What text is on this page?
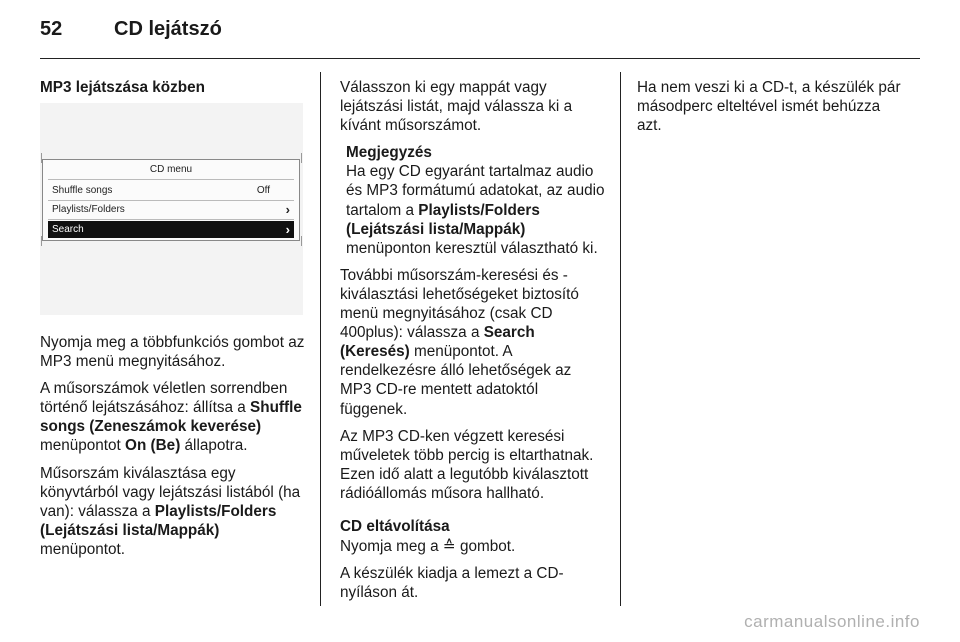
52	CD lejátszó

MP3 lejátszása közben

CD menu
Shuffle songs	Off
Playlists/Folders	›
Search	›

Nyomja meg a többfunkciós gombot az MP3 menü megnyitásához.

A műsorszámok véletlen sorrendben történő lejátszásához: állítsa a Shuffle songs (Zeneszámok keverése) menüpontot On (Be) állapotra.

Műsorszám kiválasztása egy könyvtárból vagy lejátszási listából (ha van): válassza a Playlists/Folders (Lejátszási lista/Mappák) menüpontot.

Válasszon ki egy mappát vagy lejátszási listát, majd válassza ki a kívánt műsorszámot.

Megjegyzés
Ha egy CD egyaránt tartalmaz audio és MP3 formátumú adatokat, az audio tartalom a Playlists/Folders (Lejátszási lista/Mappák) menüponton keresztül választható ki.

További műsorszám-keresési és -kiválasztási lehetőségeket biztosító menü megnyitásához (csak CD 400plus): válassza a Search (Keresés) menüpontot. A rendelkezésre álló lehetőségek az MP3 CD-re mentett adatoktól függenek.

Az MP3 CD-ken végzett keresési műveletek több percig is eltarthatnak. Ezen idő alatt a legutóbb kiválasztott rádióállomás műsora hallható.

CD eltávolítása

Nyomja meg a ≙ gombot.

A készülék kiadja a lemezt a CD-nyíláson át.

Ha nem veszi ki a CD-t, a készülék pár másodperc elteltével ismét behúzza azt.

carmanualsonline.info
